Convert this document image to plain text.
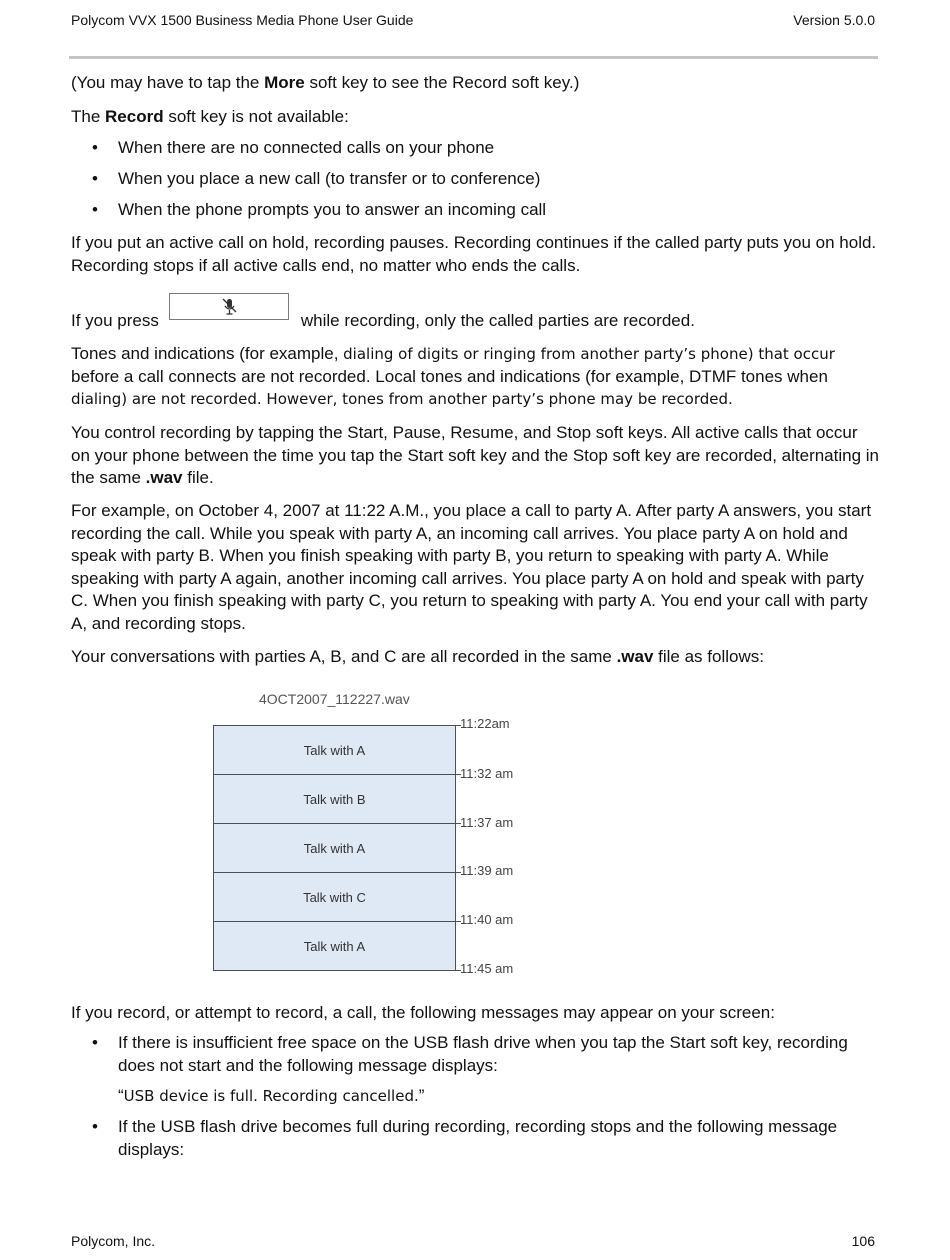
Polycom VVX 1500 Business Media Phone User Guide	Version 5.0.0

(You may have to tap the More soft key to see the Record soft key.)

The Record soft key is not available:

• When there are no connected calls on your phone
• When you place a new call (to transfer or to conference)
• When the phone prompts you to answer an incoming call

If you put an active call on hold, recording pauses. Recording continues if the called party puts you on hold. Recording stops if all active calls end, no matter who ends the calls.

If you press	while recording, only the called parties are recorded.

Tones and indications (for example, dialing of digits or ringing from another party’s phone) that occur
before a call connects are not recorded. Local tones and indications (for example, DTMF tones when
dialing) are not recorded. However, tones from another party’s phone may be recorded.

You control recording by tapping the Start, Pause, Resume, and Stop soft keys. All active calls that occur on your phone between the time you tap the Start soft key and the Stop soft key are recorded, alternating in the same .wav file.

For example, on October 4, 2007 at 11:22 A.M., you place a call to party A. After party A answers, you start recording the call. While you speak with party A, an incoming call arrives. You place party A on hold and speak with party B. When you finish speaking with party B, you return to speaking with party A. While speaking with party A again, another incoming call arrives. You place party A on hold and speak with party C. When you finish speaking with party C, you return to speaking with party A. You end your call with party A, and recording stops.

Your conversations with parties A, B, and C are all recorded in the same .wav file as follows:

4OCT2007_112227.wav
Talk with A
Talk with B
Talk with A
Talk with C
Talk with A
11:22am
11:32 am
11:37 am
11:39 am
11:40 am
11:45 am

If you record, or attempt to record, a call, the following messages may appear on your screen:

• If there is insufficient free space on the USB flash drive when you tap the Start soft key, recording does not start and the following message displays:

“USB device is full. Recording cancelled.”

• If the USB flash drive becomes full during recording, recording stops and the following message displays:
Polycom, Inc.	106
